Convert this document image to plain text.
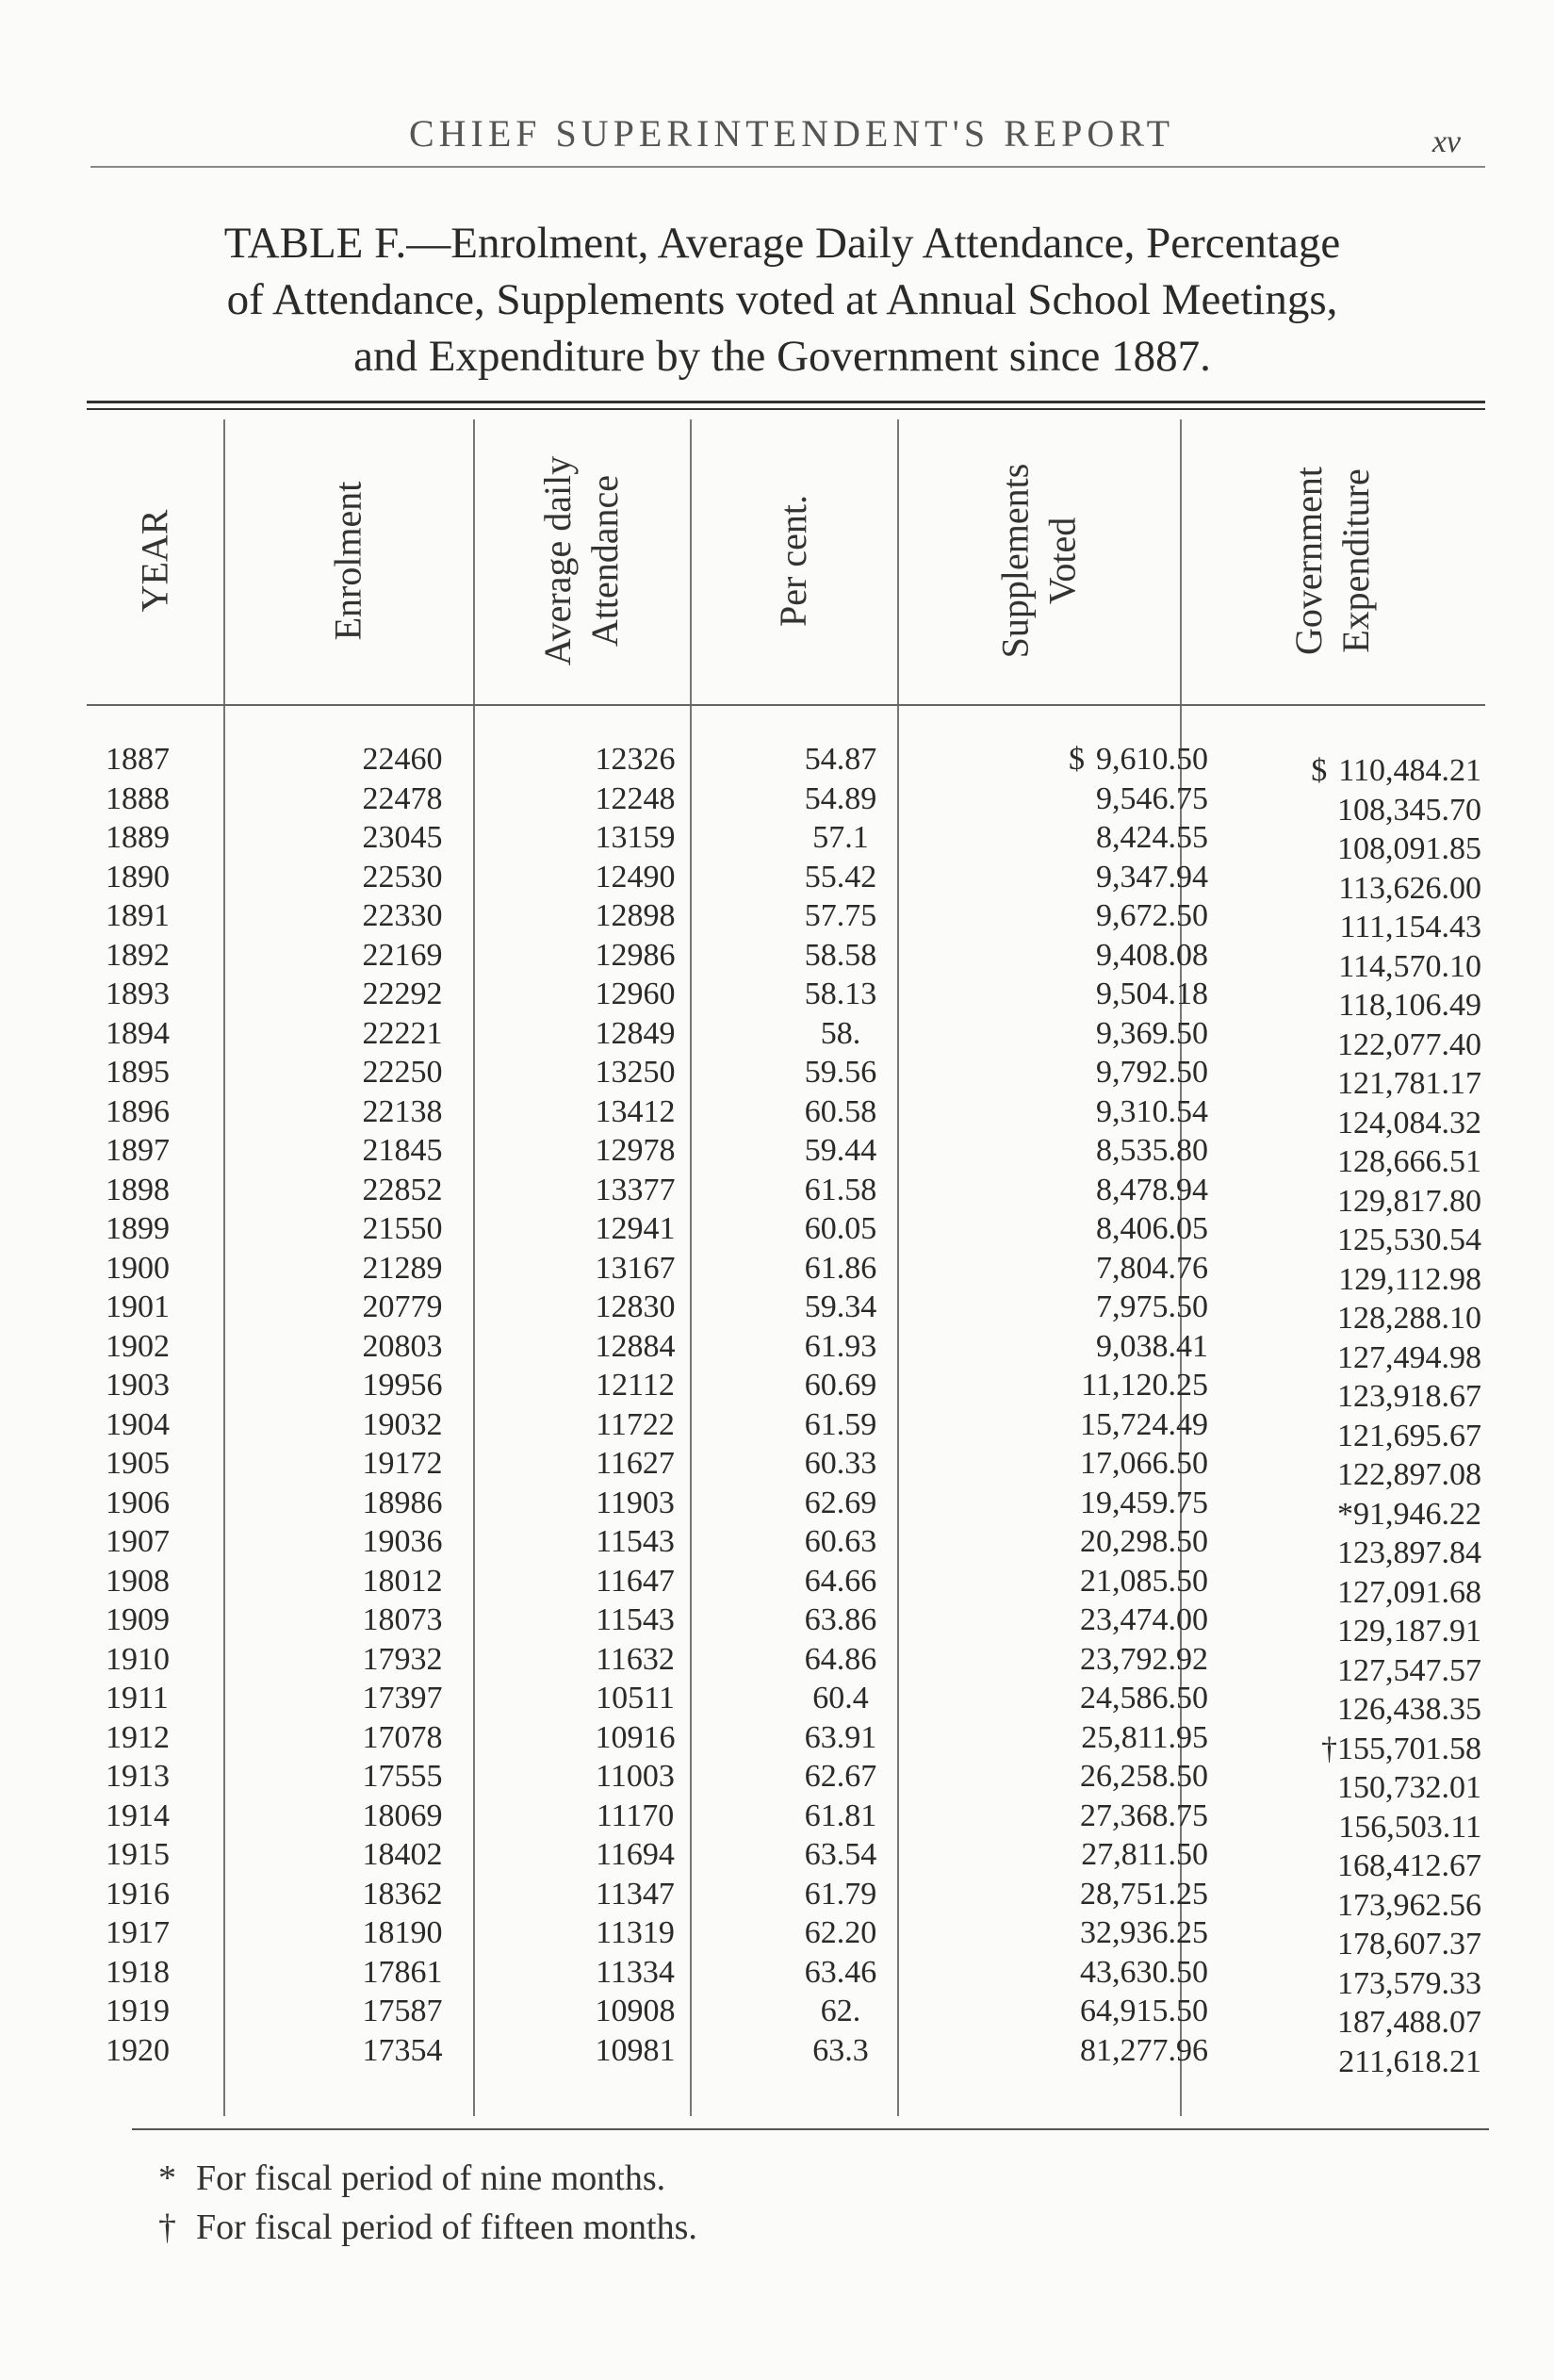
CHIEF SUPERINTENDENT'S REPORT	xv
TABLE F.—Enrolment, Average Daily Attendance, Percentage
of Attendance, Supplements voted at Annual School Meetings,
and Expenditure by the Government since 1887.
YEAR	Enrolment	Average daily Attendance	Per cent.	Supplements Voted	Government Expenditure
1887	22460	12326	54.87	$ 9,610.50	$ 110,484.21
1888	22478	12248	54.89	9,546.75	108,345.70
1889	23045	13159	57.1	8,424.55	108,091.85
1890	22530	12490	55.42	9,347.94	113,626.00
1891	22330	12898	57.75	9,672.50	111,154.43
1892	22169	12986	58.58	9,408.08	114,570.10
1893	22292	12960	58.13	9,504.18	118,106.49
1894	22221	12849	58.	9,369.50	122,077.40
1895	22250	13250	59.56	9,792.50	121,781.17
1896	22138	13412	60.58	9,310.54	124,084.32
1897	21845	12978	59.44	8,535.80	128,666.51
1898	22852	13377	61.58	8,478.94	129,817.80
1899	21550	12941	60.05	8,406.05	125,530.54
1900	21289	13167	61.86	7,804.76	129,112.98
1901	20779	12830	59.34	7,975.50	128,288.10
1902	20803	12884	61.93	9,038.41	127,494.98
1903	19956	12112	60.69	11,120.25	123,918.67
1904	19032	11722	61.59	15,724.49	121,695.67
1905	19172	11627	60.33	17,066.50	122,897.08
1906	18986	11903	62.69	19,459.75	*91,946.22
1907	19036	11543	60.63	20,298.50	123,897.84
1908	18012	11647	64.66	21,085.50	127,091.68
1909	18073	11543	63.86	23,474.00	129,187.91
1910	17932	11632	64.86	23,792.92	127,547.57
1911	17397	10511	60.4	24,586.50	126,438.35
1912	17078	10916	63.91	25,811.95	†155,701.58
1913	17555	11003	62.67	26,258.50	150,732.01
1914	18069	11170	61.81	27,368.75	156,503.11
1915	18402	11694	63.54	27,811.50	168,412.67
1916	18362	11347	61.79	28,751.25	173,962.56
1917	18190	11319	62.20	32,936.25	178,607.37
1918	17861	11334	63.46	43,630.50	173,579.33
1919	17587	10908	62.	64,915.50	187,488.07
1920	17354	10981	63.3	81,277.96	211,618.21
* For fiscal period of nine months.
† For fiscal period of fifteen months.
